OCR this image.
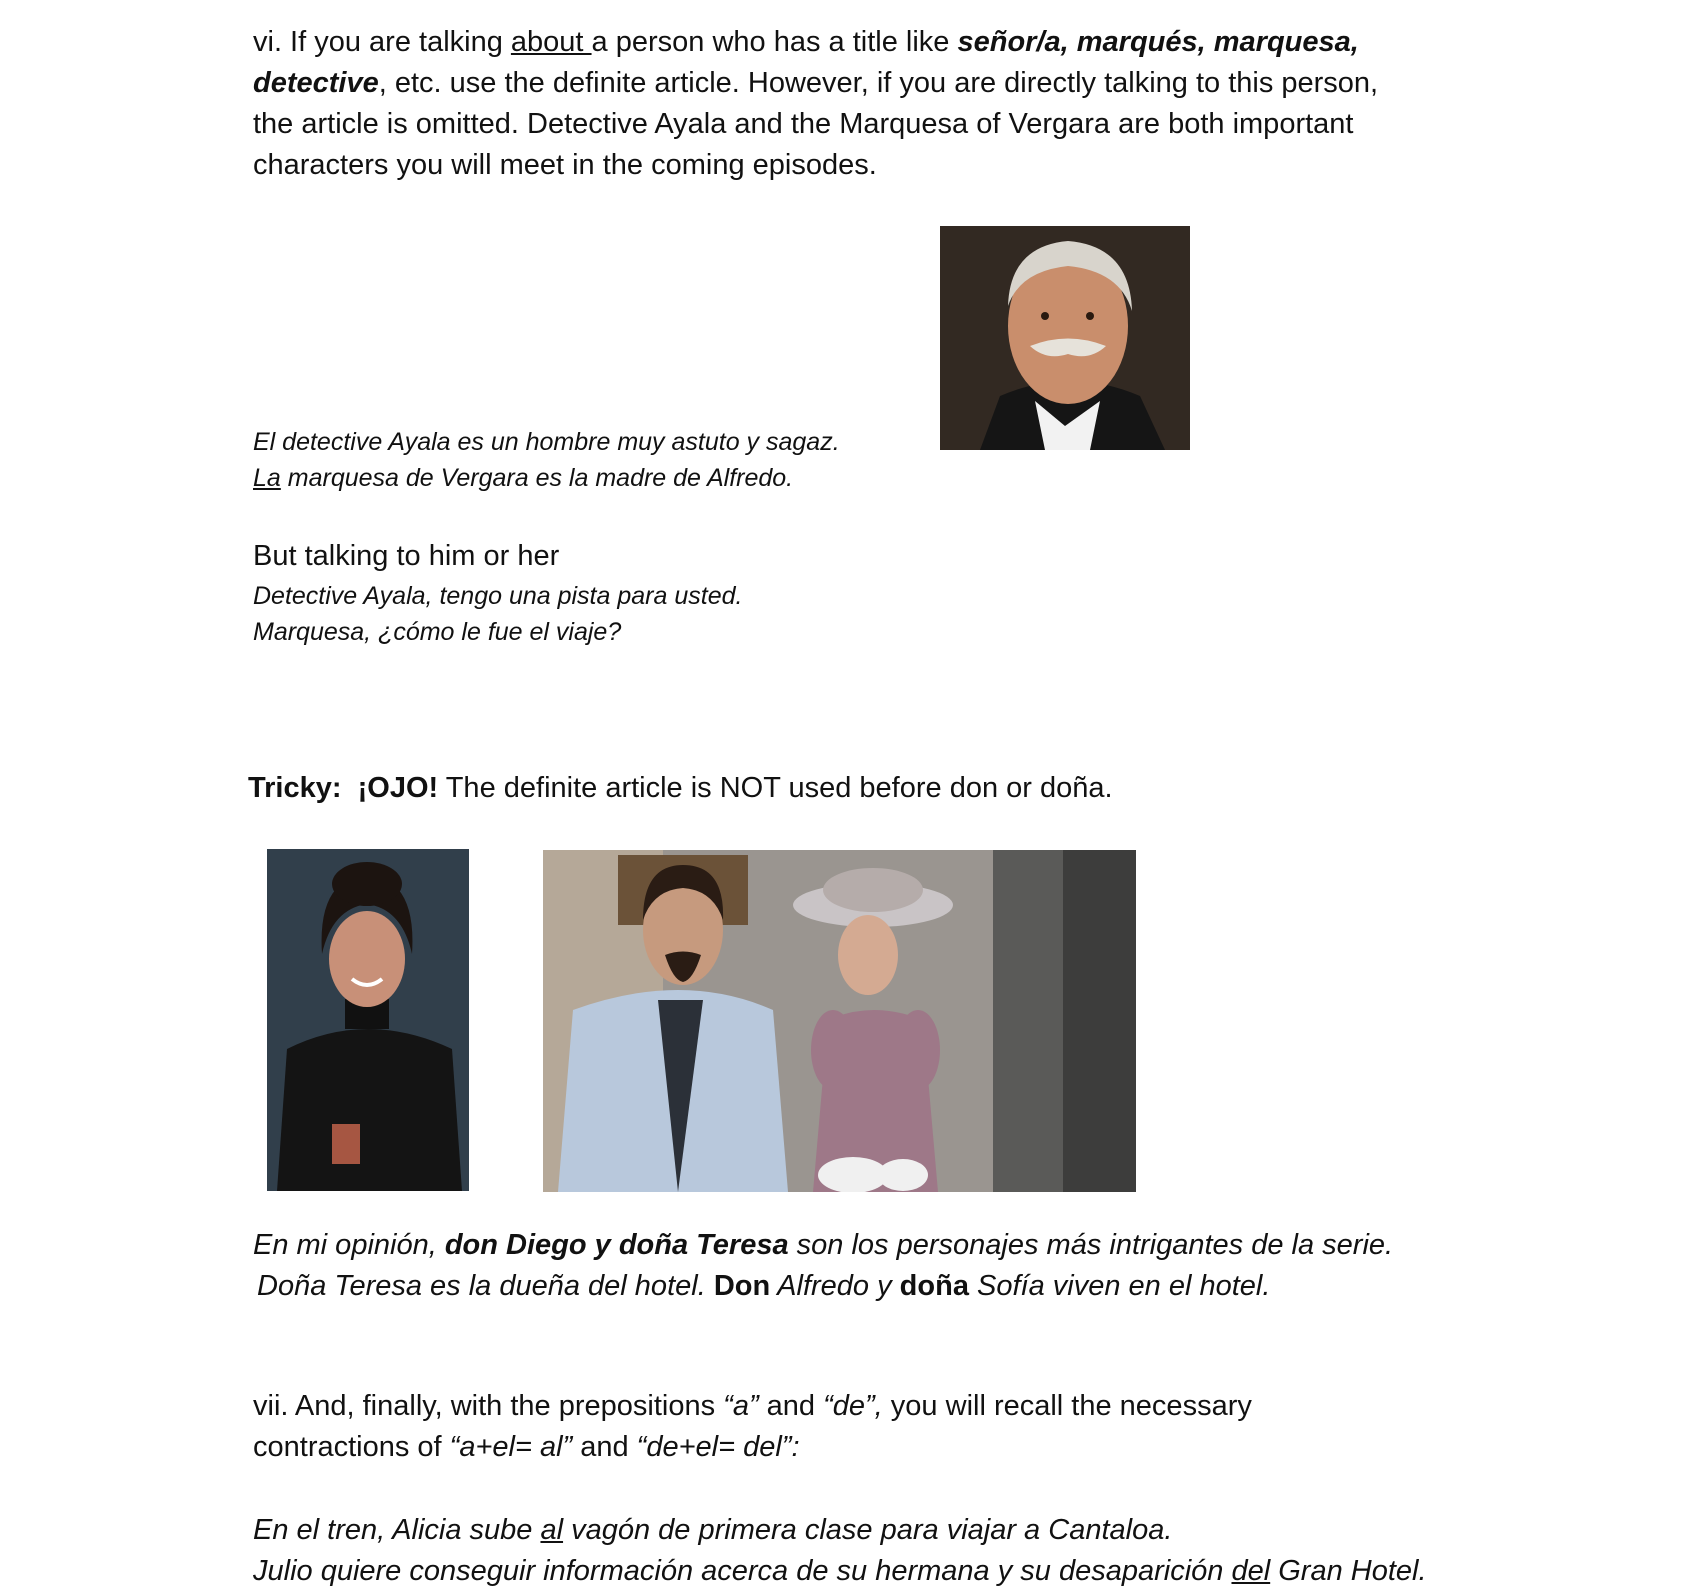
vi. If you are talking about a person who has a title like señor/a, marqués, marquesa,
detective, etc. use the definite article. However, if you are directly talking to this person,
the article is omitted. Detective Ayala and the Marquesa of Vergara are both important
characters you will meet in the coming episodes.
El detective Ayala es un hombre muy astuto y sagaz.
La marquesa de Vergara es la madre de Alfredo.
But talking to him or her
Detective Ayala, tengo una pista para usted.
Marquesa, ¿cómo le fue el viaje?
Tricky: ¡OJO! The definite article is NOT used before don or doña.
En mi opinión, don Diego y doña Teresa son los personajes más intrigantes de la serie.
Doña Teresa es la dueña del hotel. Don Alfredo y doña Sofía viven en el hotel.
vii. And, finally, with the prepositions “a” and “de”, you will recall the necessary
contractions of “a+el= al” and “de+el= del”:
En el tren, Alicia sube al vagón de primera clase para viajar a Cantaloa.
Julio quiere conseguir información acerca de su hermana y su desaparición del Gran Hotel.
